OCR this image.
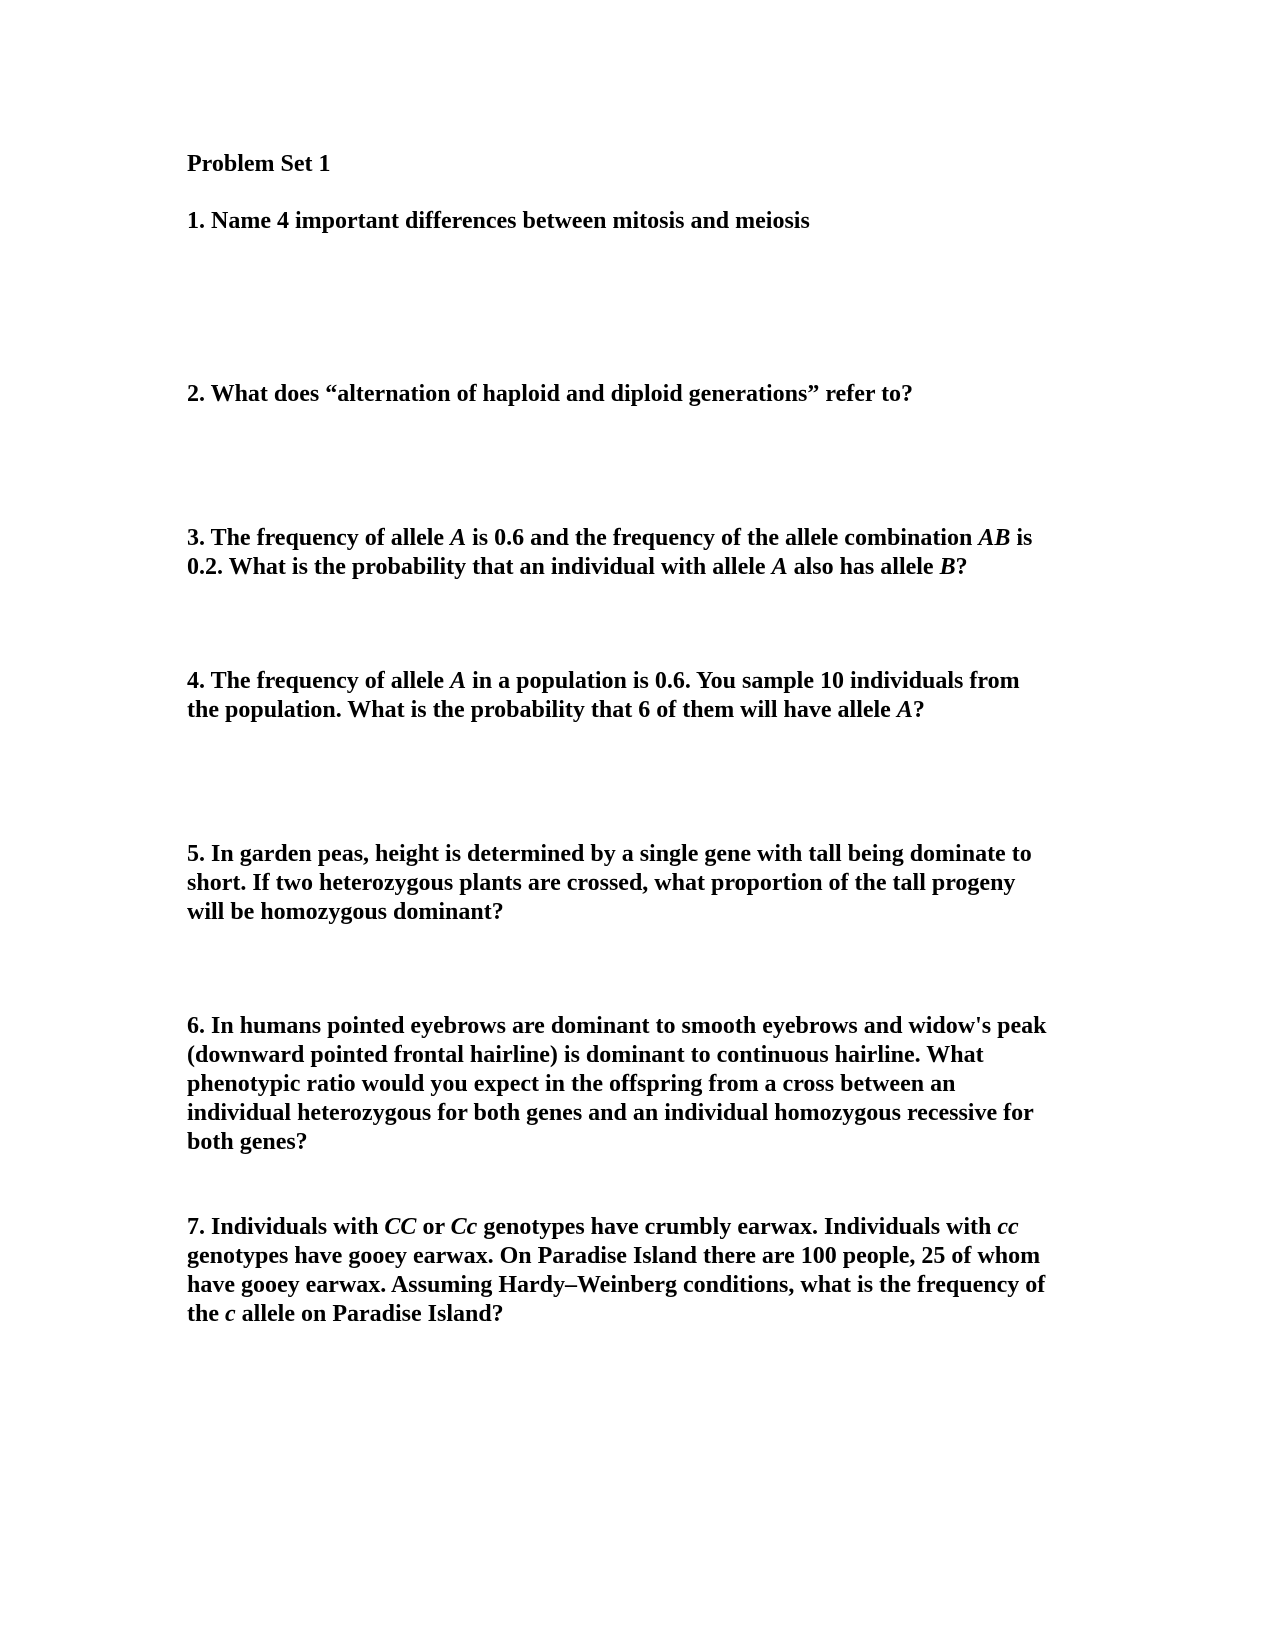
Problem Set 1
1. Name 4 important differences between mitosis and meiosis
2. What does “alternation of haploid and diploid generations” refer to?
3. The frequency of allele A is 0.6 and the frequency of the allele combination AB is
0.2. What is the probability that an individual with allele A also has allele B?
4. The frequency of allele A in a population is 0.6. You sample 10 individuals from
the population. What is the probability that 6 of them will have allele A?
5. In garden peas, height is determined by a single gene with tall being dominate to
short. If two heterozygous plants are crossed, what proportion of the tall progeny
will be homozygous dominant?
6. In humans pointed eyebrows are dominant to smooth eyebrows and widow's peak
(downward pointed frontal hairline) is dominant to continuous hairline. What
phenotypic ratio would you expect in the offspring from a cross between an
individual heterozygous for both genes and an individual homozygous recessive for
both genes?
7. Individuals with CC or Cc genotypes have crumbly earwax. Individuals with cc
genotypes have gooey earwax. On Paradise Island there are 100 people, 25 of whom
have gooey earwax. Assuming Hardy–Weinberg conditions, what is the frequency of
the c allele on Paradise Island?
